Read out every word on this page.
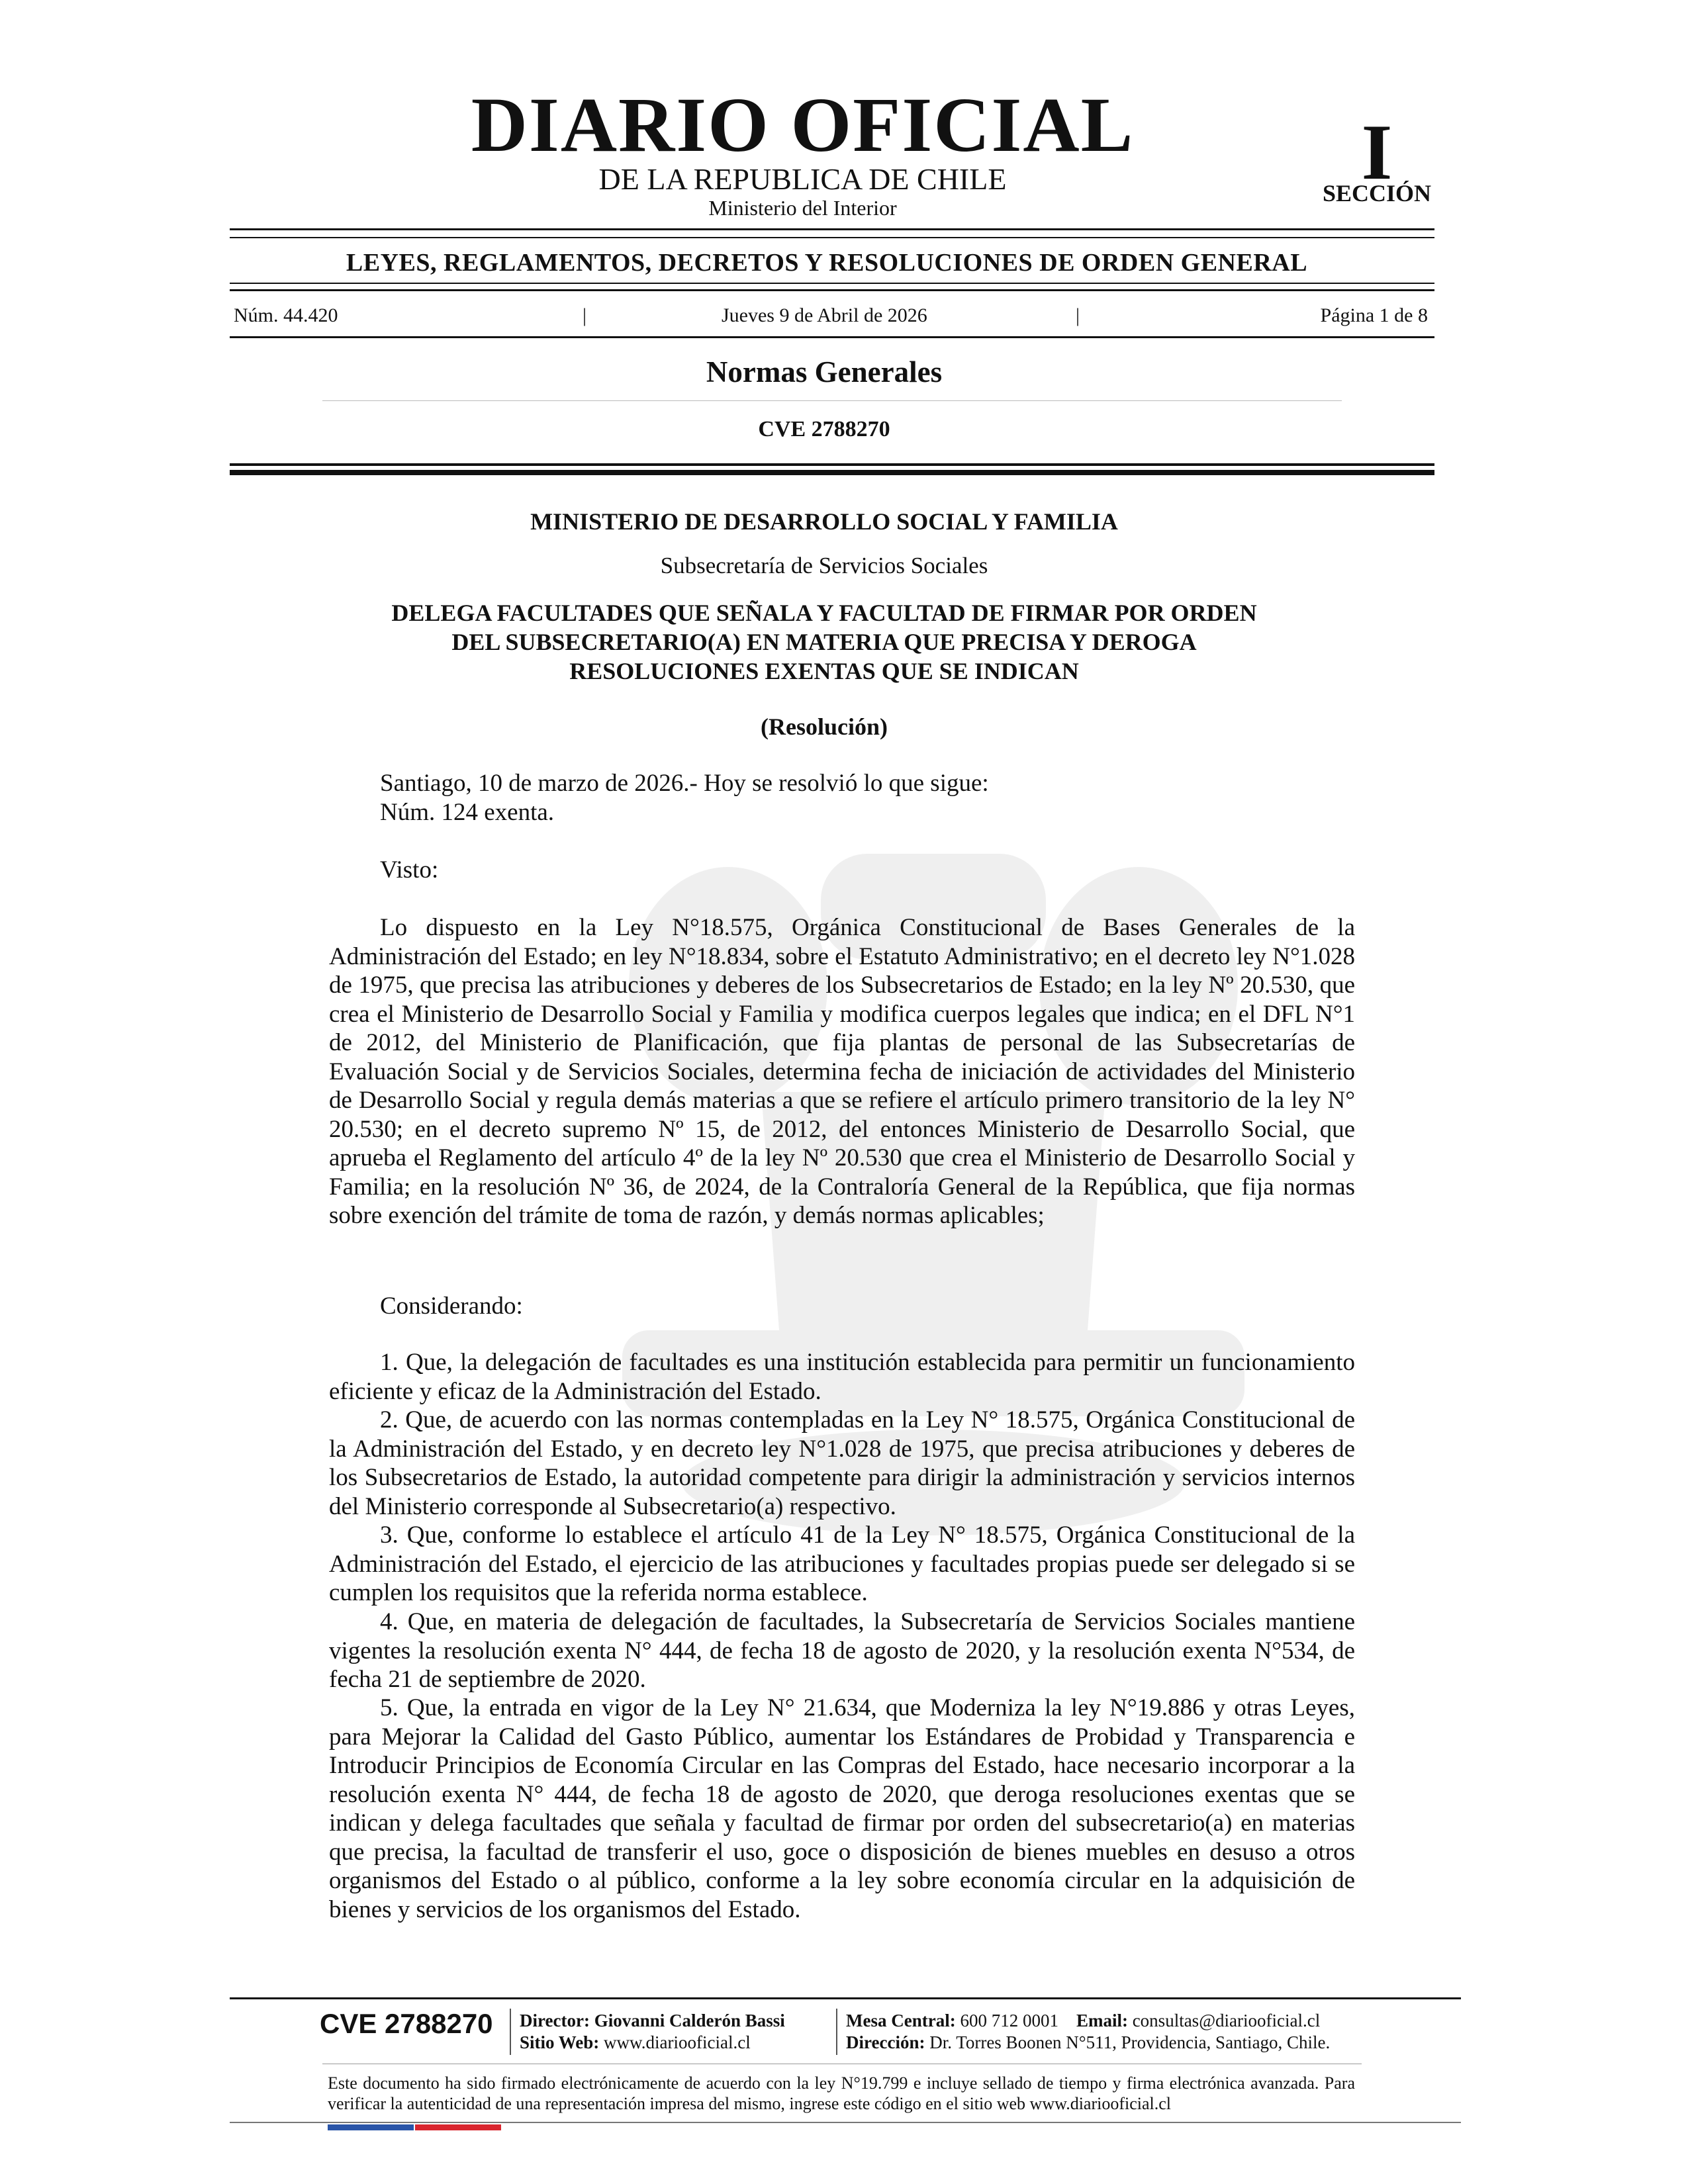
DIARIO OFICIAL
DE LA REPUBLICA DE CHILE
Ministerio del Interior
I
SECCIÓN
LEYES, REGLAMENTOS, DECRETOS Y RESOLUCIONES DE ORDEN GENERAL
Núm. 44.420	|	Jueves 9 de Abril de 2026	|	Página 1 de 8
Normas Generales
CVE 2788270
MINISTERIO DE DESARROLLO SOCIAL Y FAMILIA
Subsecretaría de Servicios Sociales
DELEGA FACULTADES QUE SEÑALA Y FACULTAD DE FIRMAR POR ORDEN
DEL SUBSECRETARIO(A) EN MATERIA QUE PRECISA Y DEROGA
RESOLUCIONES EXENTAS QUE SE INDICAN
(Resolución)
Santiago, 10 de marzo de 2026.- Hoy se resolvió lo que sigue:
Núm. 124 exenta.
Visto:

Lo dispuesto en la Ley N°18.575, Orgánica Constitucional de Bases Generales de la Administración del Estado; en ley N°18.834, sobre el Estatuto Administrativo; en el decreto ley N°1.028 de 1975, que precisa las atribuciones y deberes de los Subsecretarios de Estado; en la ley Nº 20.530, que crea el Ministerio de Desarrollo Social y Familia y modifica cuerpos legales que indica; en el DFL N°1 de 2012, del Ministerio de Planificación, que fija plantas de personal de las Subsecretarías de Evaluación Social y de Servicios Sociales, determina fecha de iniciación de actividades del Ministerio de Desarrollo Social y regula demás materias a que se refiere el artículo primero transitorio de la ley N° 20.530; en el decreto supremo Nº 15, de 2012, del entonces Ministerio de Desarrollo Social, que aprueba el Reglamento del artículo 4º de la ley Nº 20.530 que crea el Ministerio de Desarrollo Social y Familia; en la resolución Nº 36, de 2024, de la Contraloría General de la República, que fija normas sobre exención del trámite de toma de razón, y demás normas aplicables;

Considerando:

1. Que, la delegación de facultades es una institución establecida para permitir un funcionamiento eficiente y eficaz de la Administración del Estado.

2. Que, de acuerdo con las normas contempladas en la Ley N° 18.575, Orgánica Constitucional de la Administración del Estado, y en decreto ley N°1.028 de 1975, que precisa atribuciones y deberes de los Subsecretarios de Estado, la autoridad competente para dirigir la administración y servicios internos del Ministerio corresponde al Subsecretario(a) respectivo.

3. Que, conforme lo establece el artículo 41 de la Ley N° 18.575, Orgánica Constitucional de la Administración del Estado, el ejercicio de las atribuciones y facultades propias puede ser delegado si se cumplen los requisitos que la referida norma establece.

4. Que, en materia de delegación de facultades, la Subsecretaría de Servicios Sociales mantiene vigentes la resolución exenta N° 444, de fecha 18 de agosto de 2020, y la resolución exenta N°534, de fecha 21 de septiembre de 2020.

5. Que, la entrada en vigor de la Ley N° 21.634, que Moderniza la ley N°19.886 y otras Leyes, para Mejorar la Calidad del Gasto Público, aumentar los Estándares de Probidad y Transparencia e Introducir Principios de Economía Circular en las Compras del Estado, hace necesario incorporar a la resolución exenta N° 444, de fecha 18 de agosto de 2020, que deroga resoluciones exentas que se indican y delega facultades que señala y facultad de firmar por orden del subsecretario(a) en materias que precisa, la facultad de transferir el uso, goce o disposición de bienes muebles en desuso a otros organismos del Estado o al público, conforme a la ley sobre economía circular en la adquisición de bienes y servicios de los organismos del Estado.

CVE 2788270 Director: Giovanni Calderón Bassi
Sitio Web: www.diariooficial.cl
Mesa Central: 600 712 0001 Email: consultas@diariooficial.cl
Dirección: Dr. Torres Boonen N°511, Providencia, Santiago, Chile.
Este documento ha sido firmado electrónicamente de acuerdo con la ley N°19.799 e incluye sellado de tiempo y firma electrónica avanzada. Para verificar la autenticidad de una representación impresa del mismo, ingrese este código en el sitio web www.diariooficial.cl
